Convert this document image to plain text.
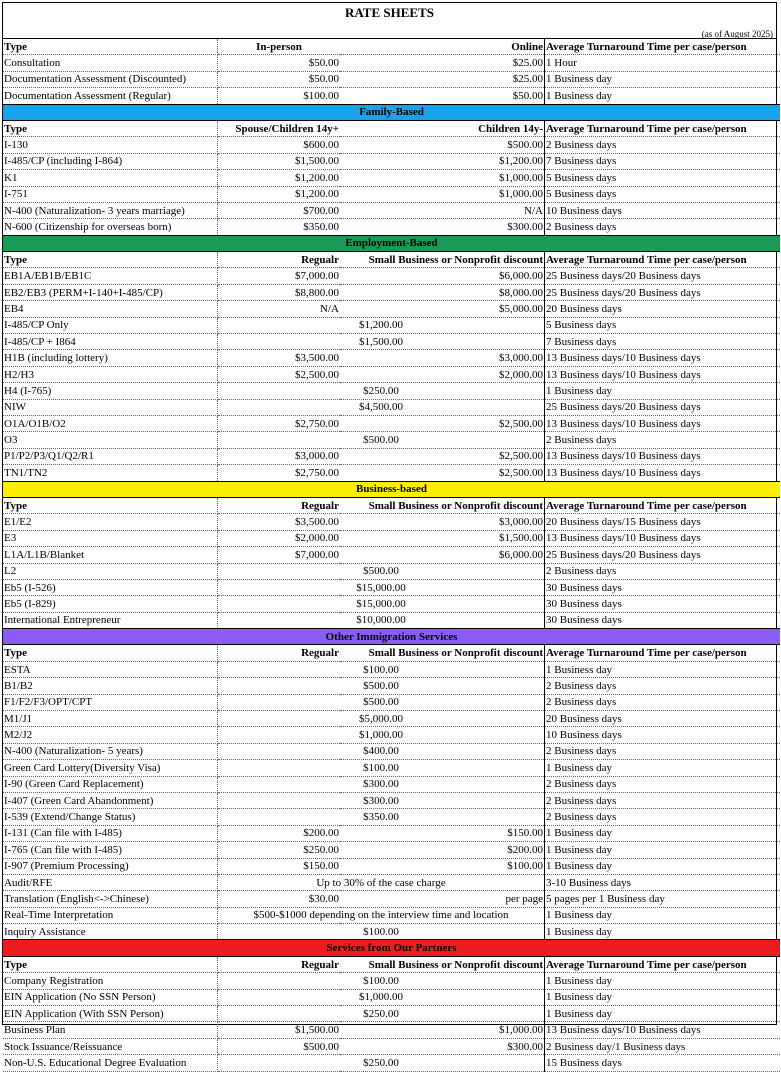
RATE SHEETS
(as of August 2025)
Type	In-person	Online	Average Turnaround Time per case/person
Consultation	$50.00	$25.00	1 Hour
Documentation Assessment (Discounted)	$50.00	$25.00	1 Business day
Documentation Assessment (Regular)	$100.00	$50.00	1 Business day
Family-Based			
Type	Spouse/Children 14y+	Children 14y-	Average Turnaround Time per case/person
I-130	$600.00	$500.00	2 Business days
I-485/CP (including I-864)	$1,500.00	$1,200.00	7 Business days
K1	$1,200.00	$1,000.00	5 Business days
I-751	$1,200.00	$1,000.00	5 Business days
N-400 (Naturalization- 3 years marriage)	$700.00	N/A	10 Business days
N-600 (Citizenship for overseas born)	$350.00	$300.00	2 Business days
Employment-Based			
Type	Regualr	Small Business or Nonprofit discount	Average Turnaround Time per case/person
EB1A/EB1B/EB1C	$7,000.00	$6,000.00	25 Business days/20 Business days
EB2/EB3 (PERM+I-140+I-485/CP)	$8,800.00	$8,000.00	25 Business days/20 Business days
EB4	N/A	$5,000.00	20 Business days
I-485/CP Only	$1,200.00		5 Business days
I-485/CP + I864	$1,500.00		7 Business days
H1B (including lottery)	$3,500.00	$3,000.00	13 Business days/10 Business days
H2/H3	$2,500.00	$2,000.00	13 Business days/10 Business days
H4 (I-765)	$250.00		1 Business day
NIW	$4,500.00		25 Business days/20 Business days
O1A/O1B/O2	$2,750.00	$2,500.00	13 Business days/10 Business days
O3	$500.00		2 Business days
P1/P2/P3/Q1/Q2/R1	$3,000.00	$2,500.00	13 Business days/10 Business days
TN1/TN2	$2,750.00	$2,500.00	13 Business days/10 Business days
Business-based			
Type	Regualr	Small Business or Nonprofit discount	Average Turnaround Time per case/person
E1/E2	$3,500.00	$3,000.00	20 Business days/15 Business days
E3	$2,000.00	$1,500.00	13 Business days/10 Business days
L1A/L1B/Blanket	$7,000.00	$6,000.00	25 Business days/20 Business days
L2	$500.00		2 Business days
Eb5 (I-526)	$15,000.00		30 Business days
Eb5 (I-829)	$15,000.00		30 Business days
International Entrepreneur	$10,000.00		30 Business days
Other Immigration Services			
Type	Regualr	Small Business or Nonprofit discount	Average Turnaround Time per case/person
ESTA	$100.00		1 Business day
B1/B2	$500.00		2 Business days
F1/F2/F3/OPT/CPT	$500.00		2 Business days
M1/J1	$5,000.00		20 Business days
M2/J2	$1,000.00		10 Business days
N-400 (Naturalization- 5 years)	$400.00		2 Business days
Green Card Lottery(Diversity Visa)	$100.00		1 Business day
I-90 (Green Card Replacement)	$300.00		2 Business days
I-407 (Green Card Abandonment)	$300.00		2 Business days
I-539 (Extend/Change Status)	$350.00		2 Business days
I-131 (Can file with I-485)	$200.00	$150.00	1 Business day
I-765 (Can file with I-485)	$250.00	$200.00	1 Business day
I-907 (Premium Processing)	$150.00	$100.00	1 Business day
Audit/RFE	Up to 30% of the case charge		3-10 Business days
Translation (English<->Chinese)	$30.00	per page	5 pages per 1 Business day
Real-Time Interpretation	$500-$1000 depending on the interview time and location		1 Business day
Inquiry Assistance	$100.00		1 Business day
Services from Our Partners			
Type	Regualr	Small Business or Nonprofit discount	Average Turnaround Time per case/person
Company Registration	$100.00		1 Business day
EIN Application (No SSN Person)	$1,000.00		1 Business day
EIN Application (With SSN Person)	$250.00		1 Business day
Business Plan	$1,500.00	$1,000.00	13 Business days/10 Business days
Stock Issuance/Reissuance	$500.00	$300.00	2 Business day/1 Business days
Non-U.S. Educational Degree Evaluation	$250.00		15 Business days
